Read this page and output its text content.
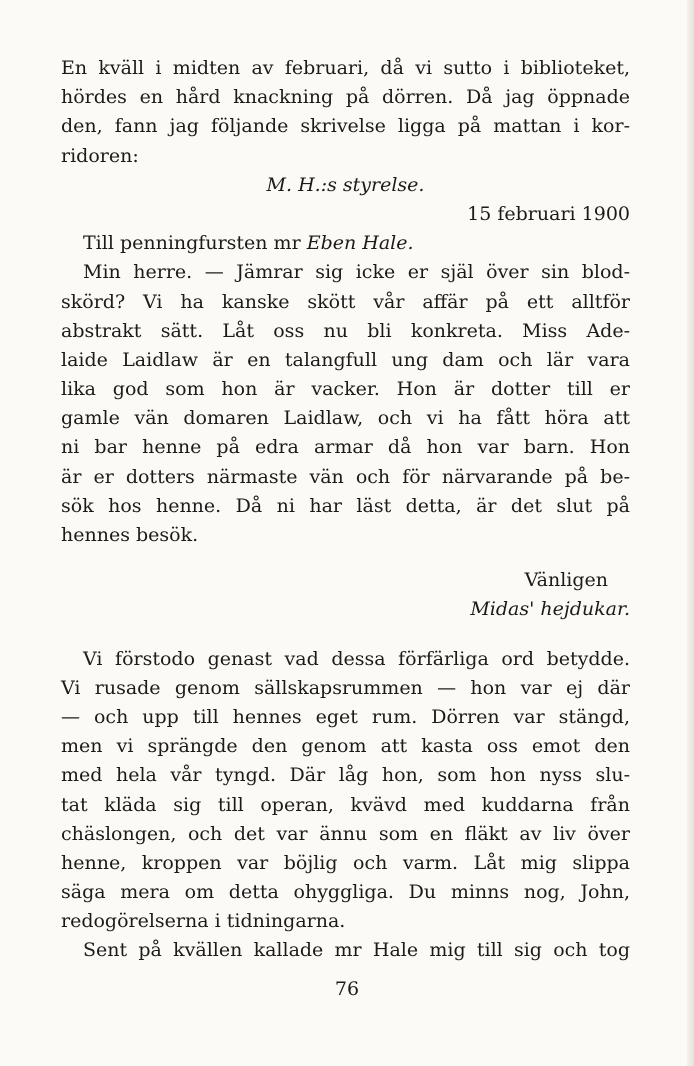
En kväll i midten av februari, då vi sutto i biblioteket,
hördes en hård knackning på dörren. Då jag öppnade
den, fann jag följande skrivelse ligga på mattan i kor-
ridoren:
M. H.:s styrelse.
15 februari 1900
Till penningfursten mr Eben Hale.
Min herre. — Jämrar sig icke er själ över sin blod-
skörd? Vi ha kanske skött vår affär på ett alltför
abstrakt sätt. Låt oss nu bli konkreta. Miss Ade-
laide Laidlaw är en talangfull ung dam och lär vara
lika god som hon är vacker. Hon är dotter till er
gamle vän domaren Laidlaw, och vi ha fått höra att
ni bar henne på edra armar då hon var barn. Hon
är er dotters närmaste vän och för närvarande på be-
sök hos henne. Då ni har läst detta, är det slut på
hennes besök.
Vänligen
Midas' hejdukar.
Vi förstodo genast vad dessa förfärliga ord betydde.
Vi rusade genom sällskapsrummen — hon var ej där
— och upp till hennes eget rum. Dörren var stängd,
men vi sprängde den genom att kasta oss emot den
med hela vår tyngd. Där låg hon, som hon nyss slu-
tat kläda sig till operan, kvävd med kuddarna från
chäslongen, och det var ännu som en fläkt av liv över
henne, kroppen var böjlig och varm. Låt mig slippa
säga mera om detta ohyggliga. Du minns nog, John,
redogörelserna i tidningarna.
Sent på kvällen kallade mr Hale mig till sig och tog
76
